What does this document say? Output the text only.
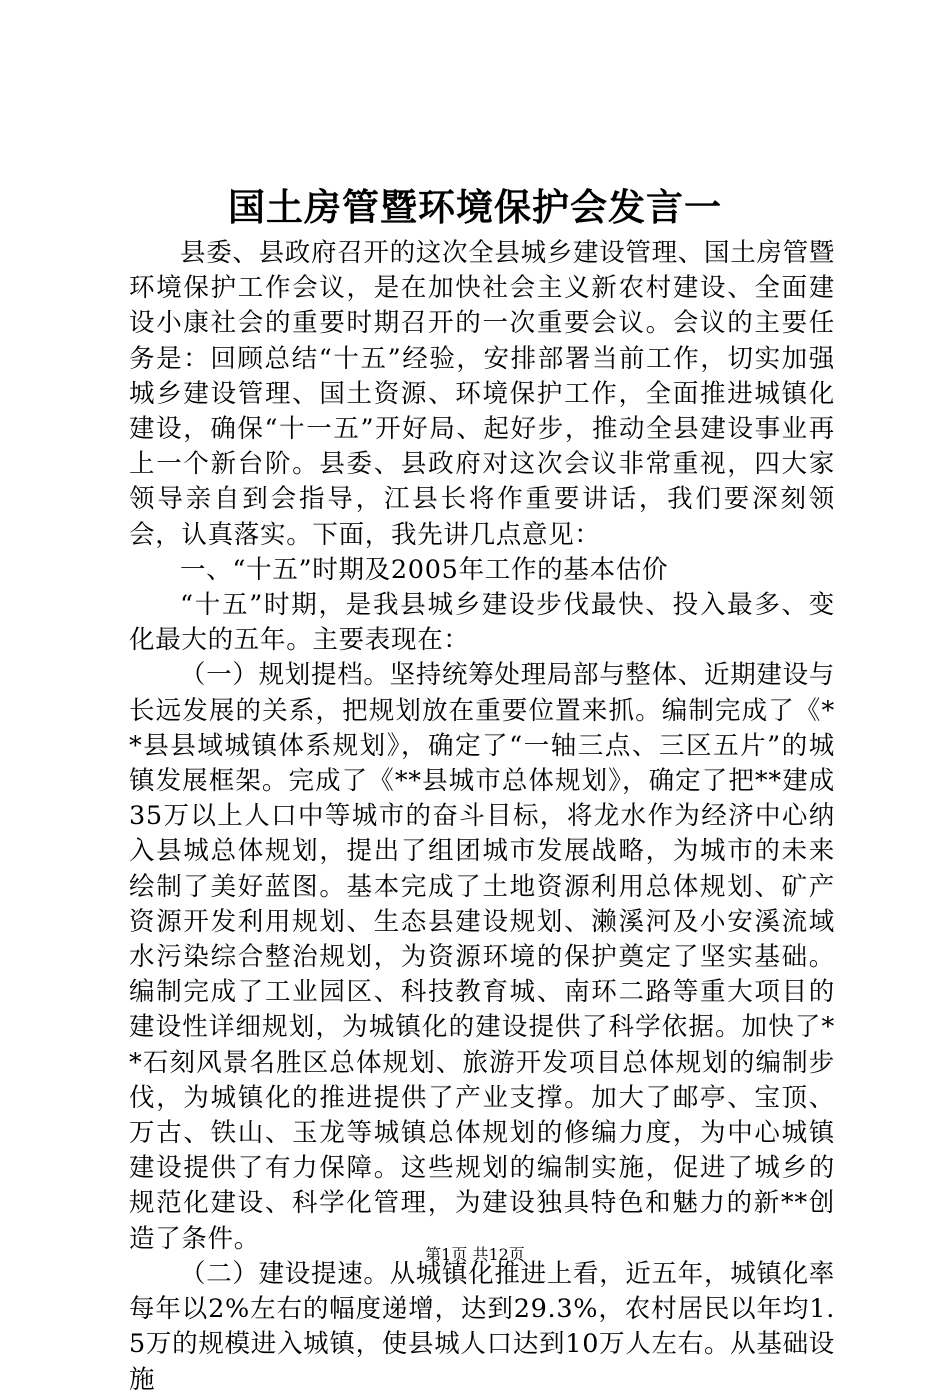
国土房管暨环境保护会发言一

县委、县政府召开的这次全县城乡建设管理、国土房管暨环境保护工作会议，是在加快社会主义新农村建设、全面建设小康社会的重要时期召开的一次重要会议。会议的主要任务是：回顾总结“十五”经验，安排部署当前工作，切实加强城乡建设管理、国土资源、环境保护工作，全面推进城镇化建设，确保“十一五”开好局、起好步，推动全县建设事业再上一个新台阶。县委、县政府对这次会议非常重视，四大家领导亲自到会指导，江县长将作重要讲话，我们要深刻领会，认真落实。下面，我先讲几点意见：

一、“十五”时期及2005年工作的基本估价

“十五”时期，是我县城乡建设步伐最快、投入最多、变化最大的五年。主要表现在：

（一）规划提档。坚持统筹处理局部与整体、近期建设与长远发展的关系，把规划放在重要位置来抓。编制完成了《**县县域城镇体系规划》，确定了“一轴三点、三区五片”的城镇发展框架。完成了《**县城市总体规划》，确定了把**建成35万以上人口中等城市的奋斗目标，将龙水作为经济中心纳入县城总体规划，提出了组团城市发展战略，为城市的未来绘制了美好蓝图。基本完成了土地资源利用总体规划、矿产资源开发利用规划、生态县建设规划、濑溪河及小安溪流域水污染综合整治规划，为资源环境的保护奠定了坚实基础。编制完成了工业园区、科技教育城、南环二路等重大项目的建设性详细规划，为城镇化的建设提供了科学依据。加快了**石刻风景名胜区总体规划、旅游开发项目总体规划的编制步伐，为城镇化的推进提供了产业支撑。加大了邮亭、宝顶、万古、铁山、玉龙等城镇总体规划的修编力度，为中心城镇建设提供了有力保障。这些规划的编制实施，促进了城乡的规范化建设、科学化管理，为建设独具特色和魅力的新**创造了条件。

（二）建设提速。从城镇化推进上看，近五年，城镇化率每年以2%左右的幅度递增，达到29.3%，农村居民以年均1.5万的规模进入城镇，使县城人口达到10万人左右。从基础设施

第1页 共12页
